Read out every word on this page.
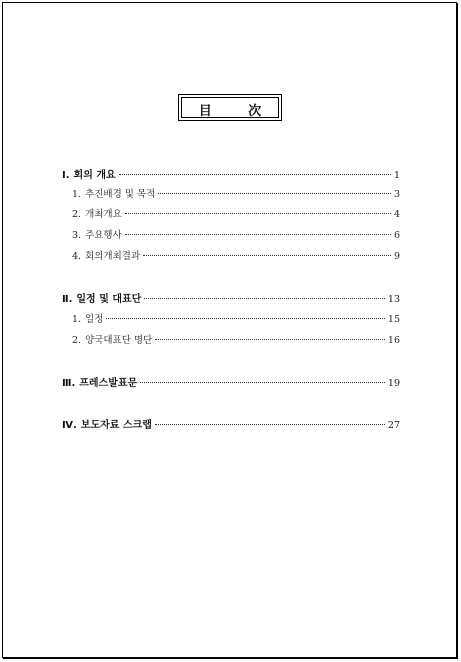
目 次
Ⅰ. 회의 개요	1
1. 추진배경 및 목적	3
2. 개최개요	4
3. 주요행사	6
4. 회의개최결과	9
Ⅱ. 일정 및 대표단	13
1. 일정	15
2. 양국대표단 명단	16
Ⅲ. 프레스발표문	19
Ⅳ. 보도자료 스크랩	27
